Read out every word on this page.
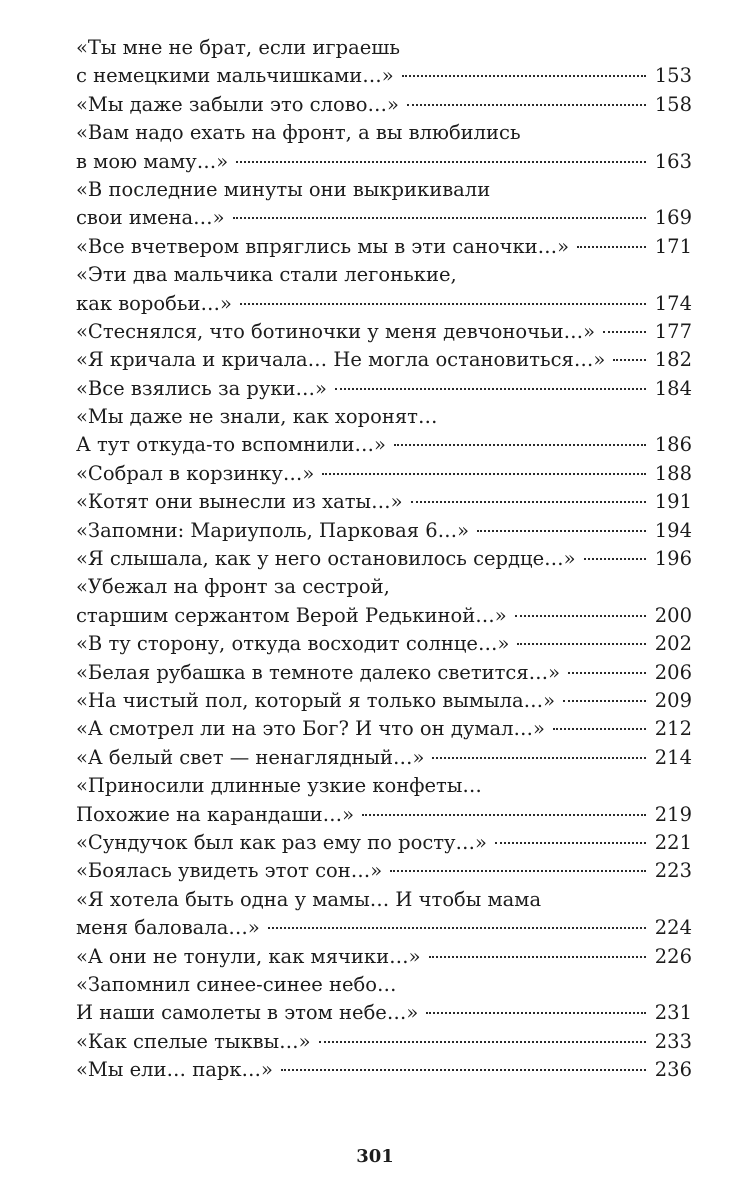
«Ты мне не брат, если играешь
с немецкими мальчишками…»	153
«Мы даже забыли это слово…»	158
«Вам надо ехать на фронт, а вы влюбились
в мою маму…»	163
«В последние минуты они выкрикивали
свои имена…»	169
«Все вчетвером впряглись мы в эти саночки…»	171
«Эти два мальчика стали легонькие,
как воробьи…»	174
«Стеснялся, что ботиночки у меня девчоночьи…»	177
«Я кричала и кричала… Не могла остановиться…»	182
«Все взялись за руки…»	184
«Мы даже не знали, как хоронят…
А тут откуда-то вспомнили…»	186
«Собрал в корзинку…»	188
«Котят они вынесли из хаты…»	191
«Запомни: Мариуполь, Парковая 6…»	194
«Я слышала, как у него остановилось сердце…»	196
«Убежал на фронт за сестрой,
старшим сержантом Верой Редькиной…»	200
«В ту сторону, откуда восходит солнце…»	202
«Белая рубашка в темноте далеко светится…»	206
«На чистый пол, который я только вымыла…»	209
«А смотрел ли на это Бог? И что он думал…»	212
«А белый свет — ненаглядный…»	214
«Приносили длинные узкие конфеты…
Похожие на карандаши…»	219
«Сундучок был как раз ему по росту…»	221
«Боялась увидеть этот сон…»	223
«Я хотела быть одна у мамы… И чтобы мама
меня баловала…»	224
«А они не тонули, как мячики…»	226
«Запомнил синее-синее небо…
И наши самолеты в этом небе…»	231
«Как спелые тыквы…»	233
«Мы ели… парк…»	236
301
